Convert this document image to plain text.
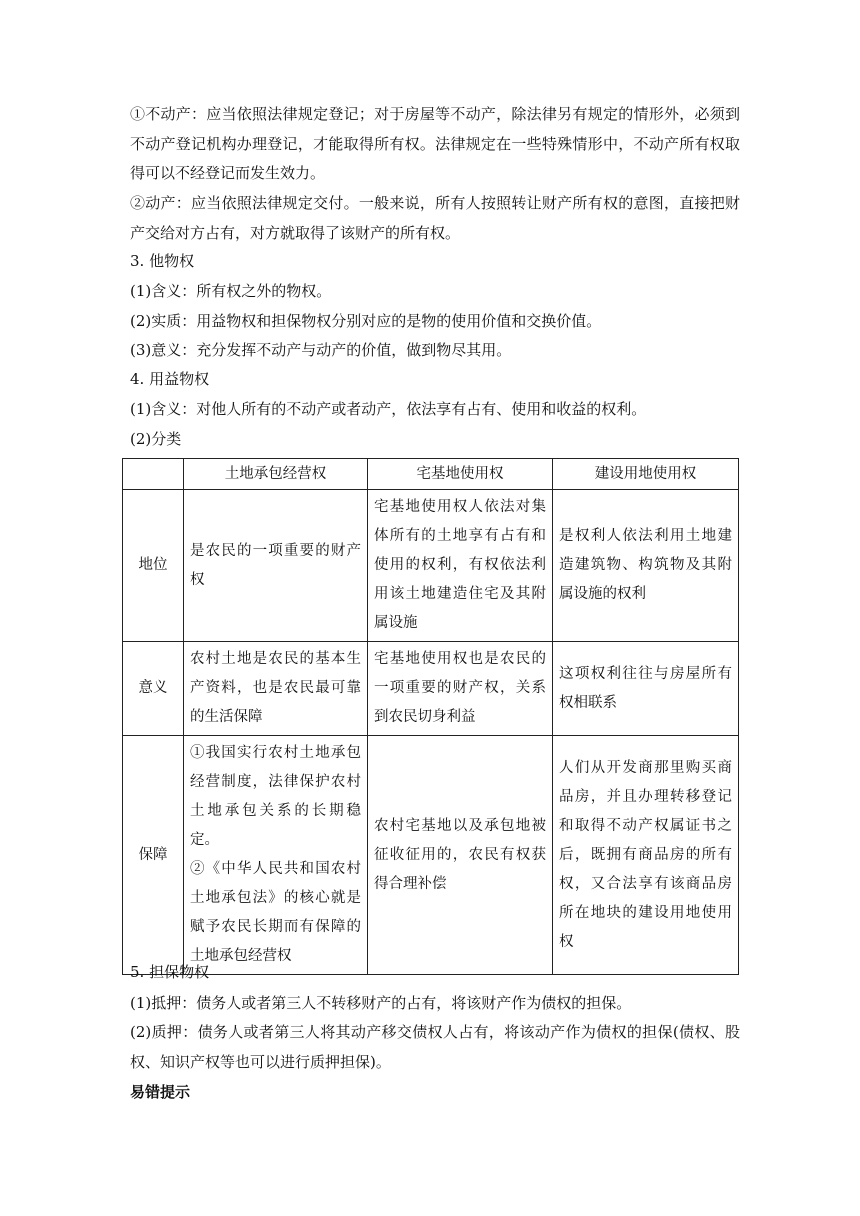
①不动产：应当依照法律规定登记；对于房屋等不动产，除法律另有规定的情形外，必须到不动产登记机构办理登记，才能取得所有权。法律规定在一些特殊情形中，不动产所有权取得可以不经登记而发生效力。

②动产：应当依照法律规定交付。一般来说，所有人按照转让财产所有权的意图，直接把财产交给对方占有，对方就取得了该财产的所有权。

3. 他物权
(1)含义：所有权之外的物权。
(2)实质：用益物权和担保物权分别对应的是物的使用价值和交换价值。
(3)意义：充分发挥不动产与动产的价值，做到物尽其用。
4. 用益物权
(1)含义：对他人所有的不动产或者动产，依法享有占有、使用和收益的权利。
(2)分类
	土地承包经营权	宅基地使用权	建设用地使用权
地位	是农民的一项重要的财产权	宅基地使用权人依法对集体所有的土地享有占有和使用的权利，有权依法利用该土地建造住宅及其附属设施	是权利人依法利用土地建造建筑物、构筑物及其附属设施的权利
意义	农村土地是农民的基本生产资料，也是农民最可靠的生活保障	宅基地使用权也是农民的一项重要的财产权，关系到农民切身利益	这项权利往往与房屋所有权相联系
保障	①我国实行农村土地承包经营制度，法律保护农村土地承包关系的长期稳定。
②《中华人民共和国农村土地承包法》的核心就是赋予农民长期而有保障的土地承包经营权	农村宅基地以及承包地被征收征用的，农民有权获得合理补偿	人们从开发商那里购买商品房，并且办理转移登记和取得不动产权属证书之后，既拥有商品房的所有权，又合法享有该商品房所在地块的建设用地使用权
5. 担保物权
(1)抵押：债务人或者第三人不转移财产的占有，将该财产作为债权的担保。

(2)质押：债务人或者第三人将其动产移交债权人占有，将该动产作为债权的担保(债权、股权、知识产权等也可以进行质押担保)。

易错提示
